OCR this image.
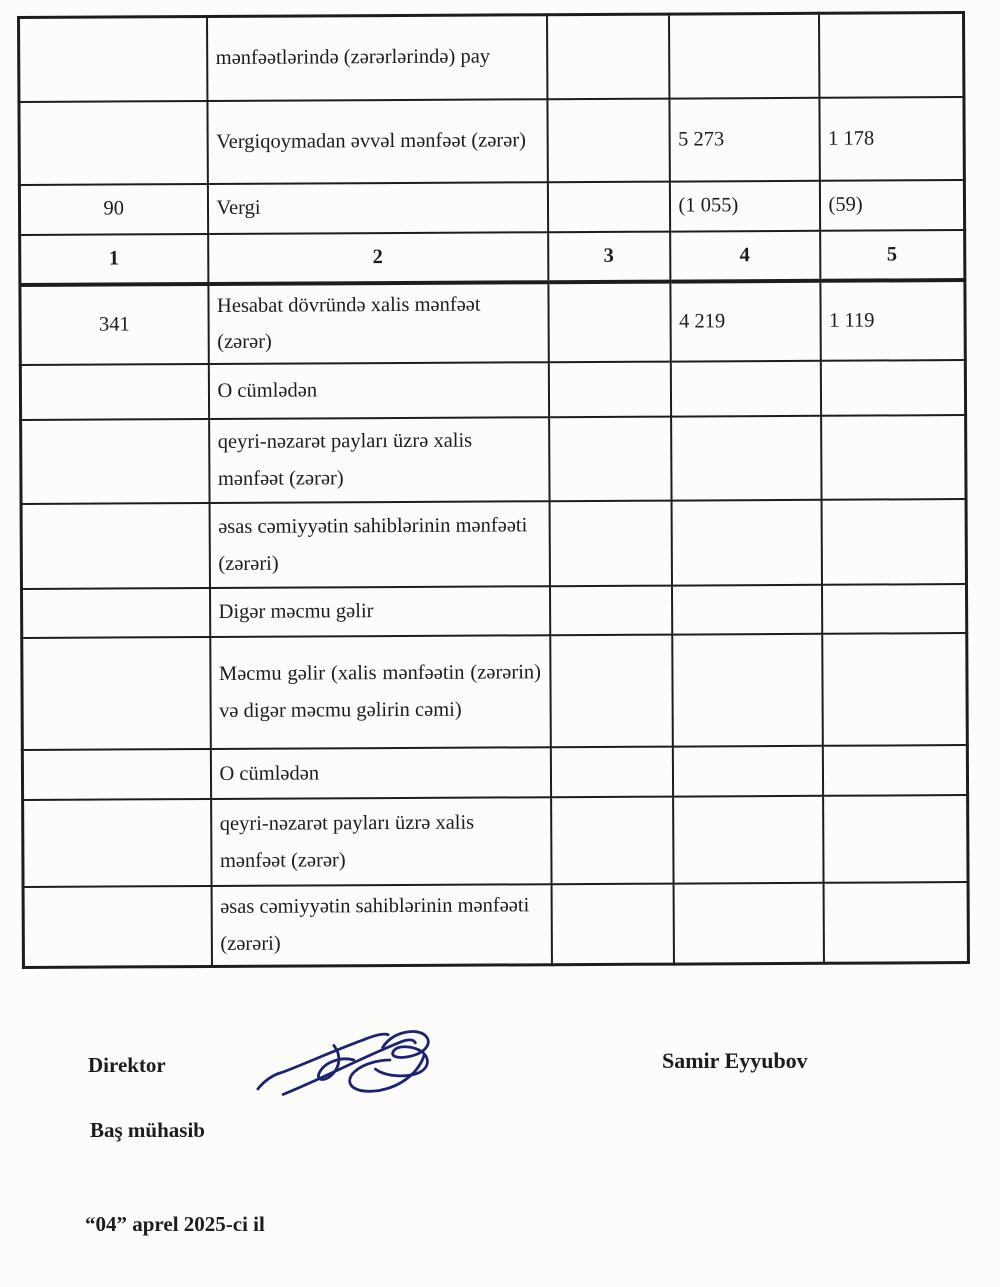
	mənfəətlərində (zərərlərində) pay			
	Vergiqoymadan əvvəl mənfəət (zərər)		5 273	1 178
90	Vergi		(1 055)	(59)
1	2	3	4	5
341	Hesabat dövründə xalis mənfəət (zərər)		4 219	1 119
	O cümlədən			
	qeyri-nəzarət payları üzrə xalis mənfəət (zərər)			
	əsas cəmiyyətin sahiblərinin mənfəəti (zərəri)			
	Digər məcmu gəlir			
	Məcmu gəlir (xalis mənfəətin (zərərin) və digər məcmu gəlirin cəmi)			
	O cümlədən			
	qeyri-nəzarət payları üzrə xalis mənfəət (zərər)			
	əsas cəmiyyətin sahiblərinin mənfəəti (zərəri)			
Direktor	Samir Eyyubov
Baş mühasib
“04” aprel 2025-ci il
